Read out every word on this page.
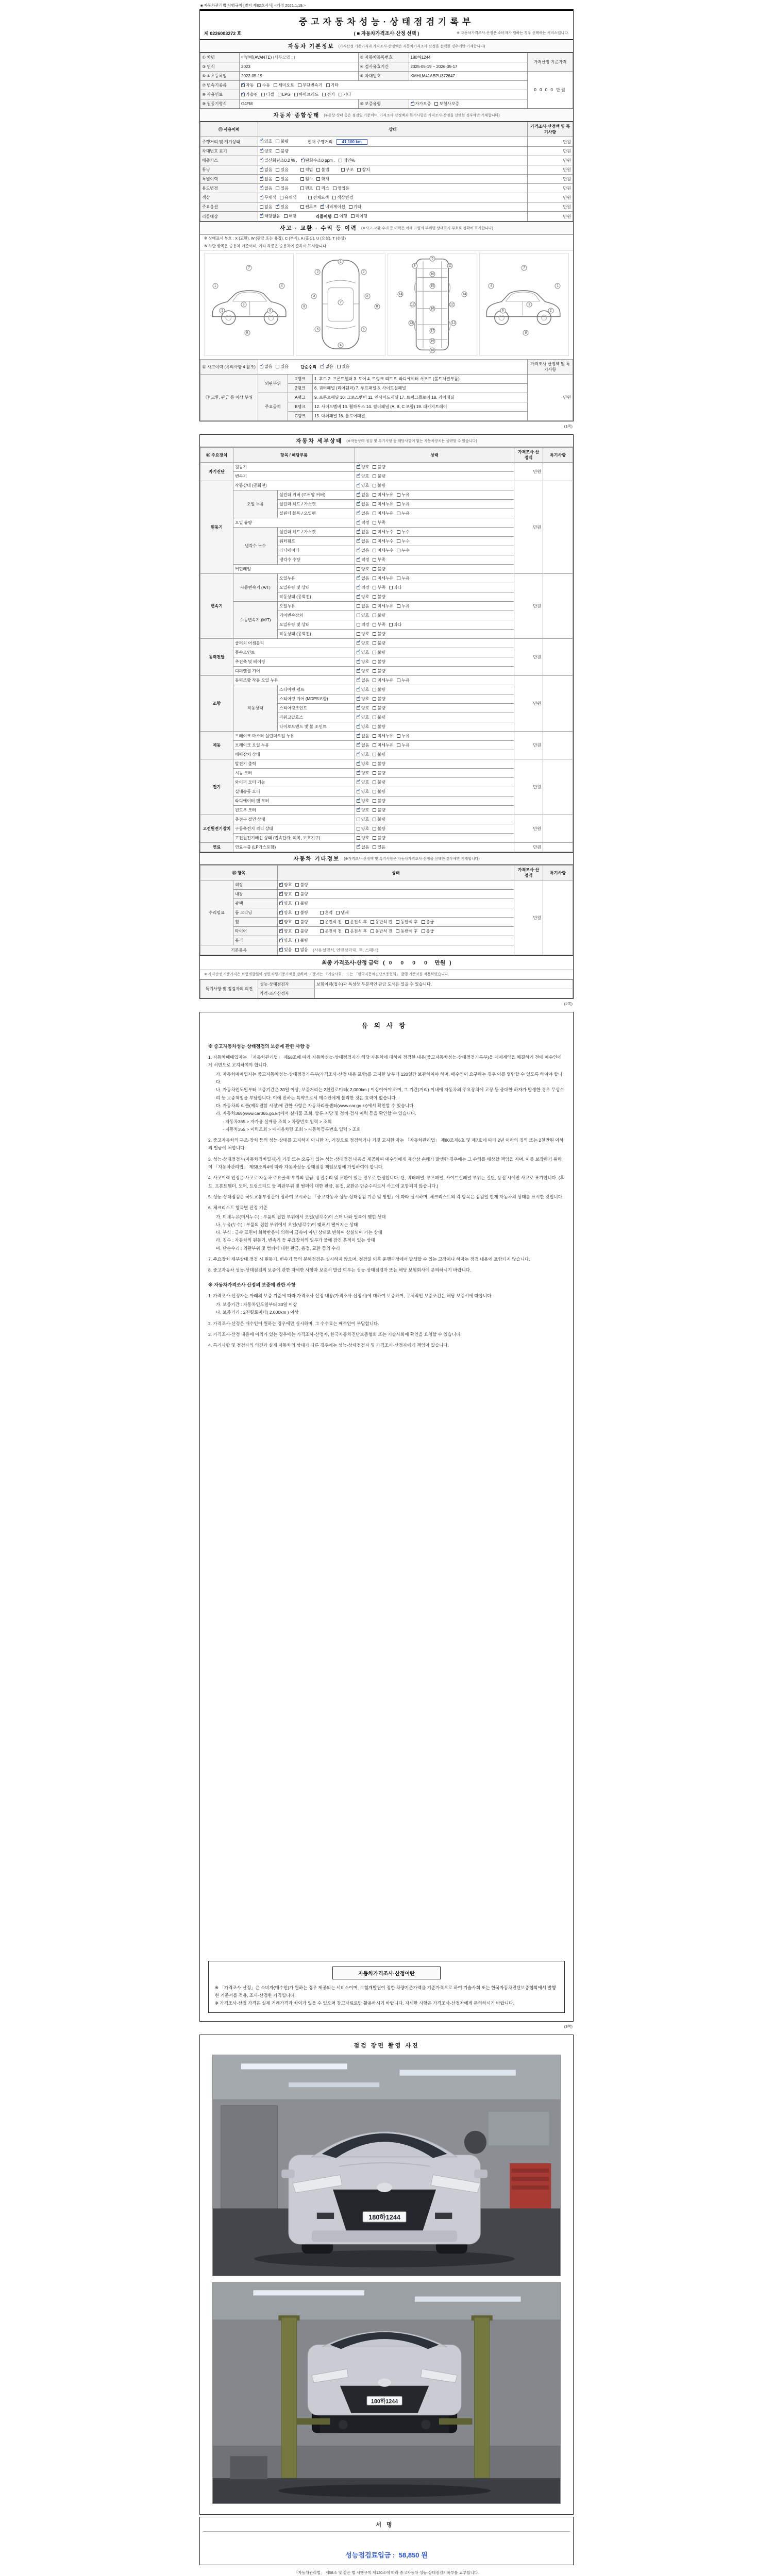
■ 자동차관리법 시행규칙 [별지 제82호서식] <개정 2021.1.19.>
중고자동차성능·상태점검기록부
제 0226003272 호	( ■ 자동차가격조사·산정 선택 )	※ 자동차가격조사·산정은 소비자가 원하는 경우 선택하는 서비스입니다.
자동차 기본정보 (가격산정 기준가격과 가격조사·산정액은 자동차가격조사·산정을 선택한 경우에만 기재합니다)
① 차명	아반떼(AVANTE) (세부모델 : )	② 자동차등록번호	180하1244	가격산정 기준가격
③ 연식	2023	④ 검사유효기간	2025-05-19 ~ 2026-05-17	
⑤ 최초등록일	2022-05-19	⑥ 차대번호	KMHLM41ABPU372647	0 0 0 0 만원
⑦ 변속기종류	
✓자동 수동 세미오토 무단변속기 기타

⑧ 사용연료	
✓가솔린 디젤 LPG 하이브리드 전기 기타

⑨ 원동기형식	G4FM	⑩ 보증유형	
✓자가보증 보험사보증
자동차 종합상태 (※증상·상태 등은 점검일 기준이며, 가격조사·산정액과 특기사항은 가격조사·산정을 선택한 경우에만 기재합니다)
⑪ 사용이력	상태	가격조사·산정액 및 특기사항
주행거리 및 계기상태	
✓양호 불량 현재 주행거리 41,100 km	만원
차대번호 표기	
✓양호 불량	만원
배출가스	
✓일산화탄소 0.2 % , ✓ 탄화수소 0 ppm , 매연 %	만원
튜닝	
✓없음 있음	적법 불법	구조 장치	만원
특별이력	
✓없음 있음 침수 화재	만원
용도변경	
✓없음 있음 렌트 리스 영업용	만원
색상	
✓무채색 유채색 전체도색 색상변경	만원
주요옵션	없음 ✓ 있음 썬루프 ✓ 네비게이션 기타	만원
리콜대상	
✓해당없음 해당 리콜이행 이행 미이행	만원
사고 · 교환 · 수리 등 이력 (※사고·교환·수리 등 이력은 아래 그림의 부위별 상태표시 부호로 정확히 표기합니다)
※ 상태표시 부호 : X (교환), W (판금 또는 용접), C (부식), A (흠집), U (요철), T (손상)
※ 하단 항목은 승용차 기준이며, 기타 차종은 승용차에 준하여 표시합니다.
1
2
3
7
6
4
8
1
2	2
3	3
7
6	6
4
8	8
5
9	11
10
15
14	14
12	12
16
13	13
17
19
18
1
2
3
7
6
4
8
⑫ 사고이력 (유의사항 4 참조)	
✓없음 있음 단순수리 ✓ 없음 있음			가격조사·산정액 및 특기사항
⑬ 교환, 판금 등 이상 부위	외판부위	1랭크	1. 후드 2. 프론트휀더 3. 도어 4. 트렁크 리드 5. 라디에이터 서포트 (볼트체결부품)	만원
		2랭크	6. 쿼터패널 (리어휀더) 7. 루프패널 8. 사이드실패널	
	주요골격	A랭크	9. 프론트패널 10. 크로스멤버 11. 인사이드패널 17. 트렁크플로어 18. 리어패널	
		B랭크	12. 사이드멤버 13. 휠하우스 14. 필러패널 (A, B, C 포함) 19. 패키지트레이	
		C랭크	15. 대쉬패널 16. 플로어패널	
(1쪽)
자동차 세부상태 (※작동상태·점검 및 특기사항 등 해당사항이 없는 자동차장치는 생략할 수 있습니다)
⑭ 주요장치	항목 / 해당부품		상태	가격조사·산정액	특기사항
자기진단	원동기	
✓양호 불량	만원	
	변속기	
✓양호 불량

원동기	작동상태 (공회전)	
✓양호 불량	만원	
	오일 누유	실린더 커버 (로커암 커버)	
✓없음 미세누유 누유

		실린더 헤드 / 가스켓	
✓없음 미세누유 누유

		실린더 블록 / 오일팬	
✓없음 미세누유 누유

	오일 유량	
✓적정 부족

	냉각수 누수	실린더 헤드 / 가스켓	
✓없음 미세누수 누수

		워터펌프	
✓없음 미세누수 누수

		라디에이터	
✓없음 미세누수 누수

		냉각수 수량	
✓적정 부족

	커먼레일		양호 불량		

변속기	자동변속기 (A/T)	오일누유	
✓없음 미세누유 누유	만원	
		오일유량 및 상태	
✓적정 부족 과다

		작동상태 (공회전)	
✓양호 불량

	수동변속기 (M/T)	오일누유	없음 미세누유 누유		

		기어변속장치	양호 불량		

		오일유량 및 상태	적정 부족 과다		

		작동상태 (공회전)	양호 불량		

동력전달	클러치 어셈블리	
✓양호 불량	만원	
	등속조인트	
✓양호 불량

	추진축 및 베어링	
✓양호 불량

	디퍼렌셜 기어	
✓양호 불량

조향	동력조향 작동 오일 누유	
✓없음 미세누유 누유	만원	
	작동상태	스티어링 펌프	
✓양호 불량

		스티어링 기어 (MDPS포함)	
✓양호 불량

		스티어링조인트	
✓양호 불량

		파워고압호스	
✓양호 불량

		타이로드엔드 및 볼 조인트	
✓양호 불량

제동	브레이크 마스터 실린더오일 누유	
✓없음 미세누유 누유	만원	
	브레이크 오일 누유	
✓없음 미세누유 누유

	배력장치 상태	
✓양호 불량

전기	발전기 출력	
✓양호 불량	만원	
	시동 모터	
✓양호 불량

	와이퍼 모터 기능	
✓양호 불량

	실내송풍 모터	
✓양호 불량

	라디에이터 팬 모터	
✓양호 불량

	윈도우 모터	
✓양호 불량

고전원전기장치	충전구 절연 상태		양호 불량	만원	
	구동축전지 격리 상태		양호 불량		

	고전원전기배선 상태 (접속단자, 피복, 보호기구)		양호 불량		

연료	연료누출 (LP가스포함)	
✓없음 있음	만원	
자동차 기타정보 (※가격조사·산정액 및 특기사항은 자동차가격조사·산정을 선택한 경우에만 기재합니다)
⑮ 항목		상태	가격조사·산정액	특기사항
수리필요	외장	
✓양호 불량	만원	
	내장	
✓양호 불량

	광택	
✓양호 불량

	룸 크리닝	
✓양호 불량 흔적 냄새

휠	
✓양호 불량	운전석 전 운전석 후 동반석 전 동반석 후 응급

타이어	
✓양호 불량	운전석 전 운전석 후 동반석 전 동반석 후 응급

	유리	
✓양호 불량

기본품목	
✓있음 없음 (사용설명서, 안전삼각대, 잭, 스패너)
최종 가격조사·산정 금액 ( 0 0 0 0 만원 )
※ 가격산정 기준가격은 보험개발원이 정한 차량기준가액을 말하며, 기준서는 「기술사회」 또는 「한국자동차진단보증협회」 발행 기준서를 적용하였습니다.
특기사항 및 점검자의 의견	성능·상태점검자	보험이력(접수)과 특성상 부분적인 판금 도색은 있을 수 있습니다.
	가격·조사산정자	
(2쪽)
유의사항
※ 중고자동차성능·상태점검의 보증에 관한 사항 등
1. 자동차매매업자는 「자동차관리법」 제58조에 따라 자동차성능·상태점검자가 해당 자동차에 대하여 점검한 내용(중고자동차성능·상태점검기록부)을 매매계약을 체결하기 전에 매수인에게 서면으로 고지하여야 합니다.
가. 자동차매매업자는 중고자동차성능·상태점검기록부(가격조사·산정 내용 포함)를 고지한 날부터 120일간 보관하여야 하며, 매수인이 요구하는 경우 이를 열람할 수 있도록 하여야 합니다.
나. 자동차인도일부터 보증기간은 30일 이상, 보증거리는 2천킬로미터( 2,000km ) 이상이어야 하며, 그 기간(거리) 이내에 자동차의 주요장치에 고장 등 중대한 하자가 발생한 경우 무상수리 등 보증책임을 부담합니다. 이에 반하는 특약으로서 매수인에게 불리한 것은 효력이 없습니다.
다. 자동차의 리콜(제작결함 시정)에 관한 사항은 자동차리콜센터(www.car.go.kr)에서 확인할 수 있습니다.
라. 자동차365(www.car365.go.kr)에서 실매물 조회, 압류·저당 및 정비·검사 이력 등을 확인할 수 있습니다.
- 자동차365 > 자가용 실매물 조회 > 차량번호 입력 > 조회
- 자동차365 > 이력조회 > 매매용차량 조회 > 자동차등록번호 입력 > 조회
2. 중고자동차의 구조·장치 등의 성능·상태를 고지하지 아니한 자, 거짓으로 점검하거나 거짓 고지한 자는 「자동차관리법」 제80조제6호 및 제7호에 따라 2년 이하의 징역 또는 2천만원 이하의 벌금에 처합니다.
3. 성능·상태점검자(자동차정비업자)가 거짓 또는 오류가 있는 성능·상태점검 내용을 제공하여 매수인에게 재산상 손해가 발생한 경우에는 그 손해를 배상할 책임을 지며, 이를 보장하기 위하여 「자동차관리법」 제58조의4에 따라 자동차성능·상태점검 책임보험에 가입하여야 합니다.
4. 사고이력 인정은 사고로 자동차 주요골격 부위의 판금, 용접수리 및 교환이 있는 경우로 한정합니다. 단, 쿼터패널, 루프패널, 사이드실패널 부위는 절단, 용접 시에만 사고로 표기합니다. (후드, 프론트휀더, 도어, 트렁크리드 등 외판부위 및 범퍼에 대한 판금, 용접, 교환은 단순수리로서 사고에 포함되지 않습니다.)
5. 성능·상태점검은 국토교통부장관이 정하여 고시하는 「중고자동차 성능·상태점검 기준 및 방법」에 따라 실시하며, 체크리스트의 각 항목은 점검일 현재 자동차의 상태를 표시한 것입니다.
6. 체크리스트 항목별 판정 기준
가. 미세누유(미세누수) : 부품의 접합 부위에서 오일(냉각수)이 스며 나와 얼룩이 맺힌 상태
나. 누유(누수) : 부품의 접합 부위에서 오일(냉각수)이 맺혀서 떨어지는 상태
다. 부식 : 금속 표면이 화학반응에 의하여 금속이 아닌 상태로 변하여 상실되어 가는 상태
라. 침수 : 자동차의 원동기, 변속기 등 주요장치의 일부가 물에 잠긴 흔적이 있는 상태
마. 단순수리 : 외판부위 및 범퍼에 대한 판금, 용접, 교환 등의 수리
7. 주요장치 세부상태 점검 시 원동기, 변속기 등의 분해점검은 실시하지 않으며, 점검일 이후 운행과정에서 발생할 수 있는 고장이나 하자는 점검 내용에 포함되지 않습니다.
8. 중고자동차 성능·상태점검의 보증에 관한 자세한 사항과 보증서 발급 여부는 성능·상태점검자 또는 해당 보험회사에 문의하시기 바랍니다.
※ 자동차가격조사·산정의 보증에 관한 사항
1. 가격조사·산정자는 아래의 보증 기준에 따라 가격조사·산정 내용(가격조사·산정서)에 대하여 보증하며, 구체적인 보증조건은 해당 보증서에 따릅니다.
가. 보증기간 : 자동차인도일부터 30일 이상
나. 보증거리 : 2천킬로미터( 2,000km ) 이상
2. 가격조사·산정은 매수인이 원하는 경우에만 실시하며, 그 수수료는 매수인이 부담합니다.
3. 가격조사·산정 내용에 이의가 있는 경우에는 가격조사·산정자, 한국자동차진단보증협회 또는 기술사회에 확인을 요청할 수 있습니다.
4. 특기사항 및 점검자의 의견과 실제 자동차의 상태가 다른 경우에는 성능·상태점검자 및 가격조사·산정자에게 책임이 있습니다.
자동차가격조사·산정이란
※ 「가격조사·산정」은 소비자(매수인)가 원하는 경우 제공되는 서비스이며, 보험개발원이 정한 차량기준가액을 기준가격으로 하여 기술사회 또는 한국자동차진단보증협회에서 발행한 기준서를 적용, 조사·산정한 가격입니다.
※ 가격조사·산정 가격은 실제 거래가격과 차이가 있을 수 있으며 참고자료로만 활용하시기 바랍니다. 자세한 사항은 가격조사·산정자에게 문의하시기 바랍니다.
(3쪽)
점검 장면 촬영 사진
180하1244
180하1244
서명
성능점검료입금 : 58,850 원
「자동차관리법」 제58조 및 같은 법 시행규칙 제120조에 따라 중고자동차 성능·상태점검기록부를 교부합니다.
